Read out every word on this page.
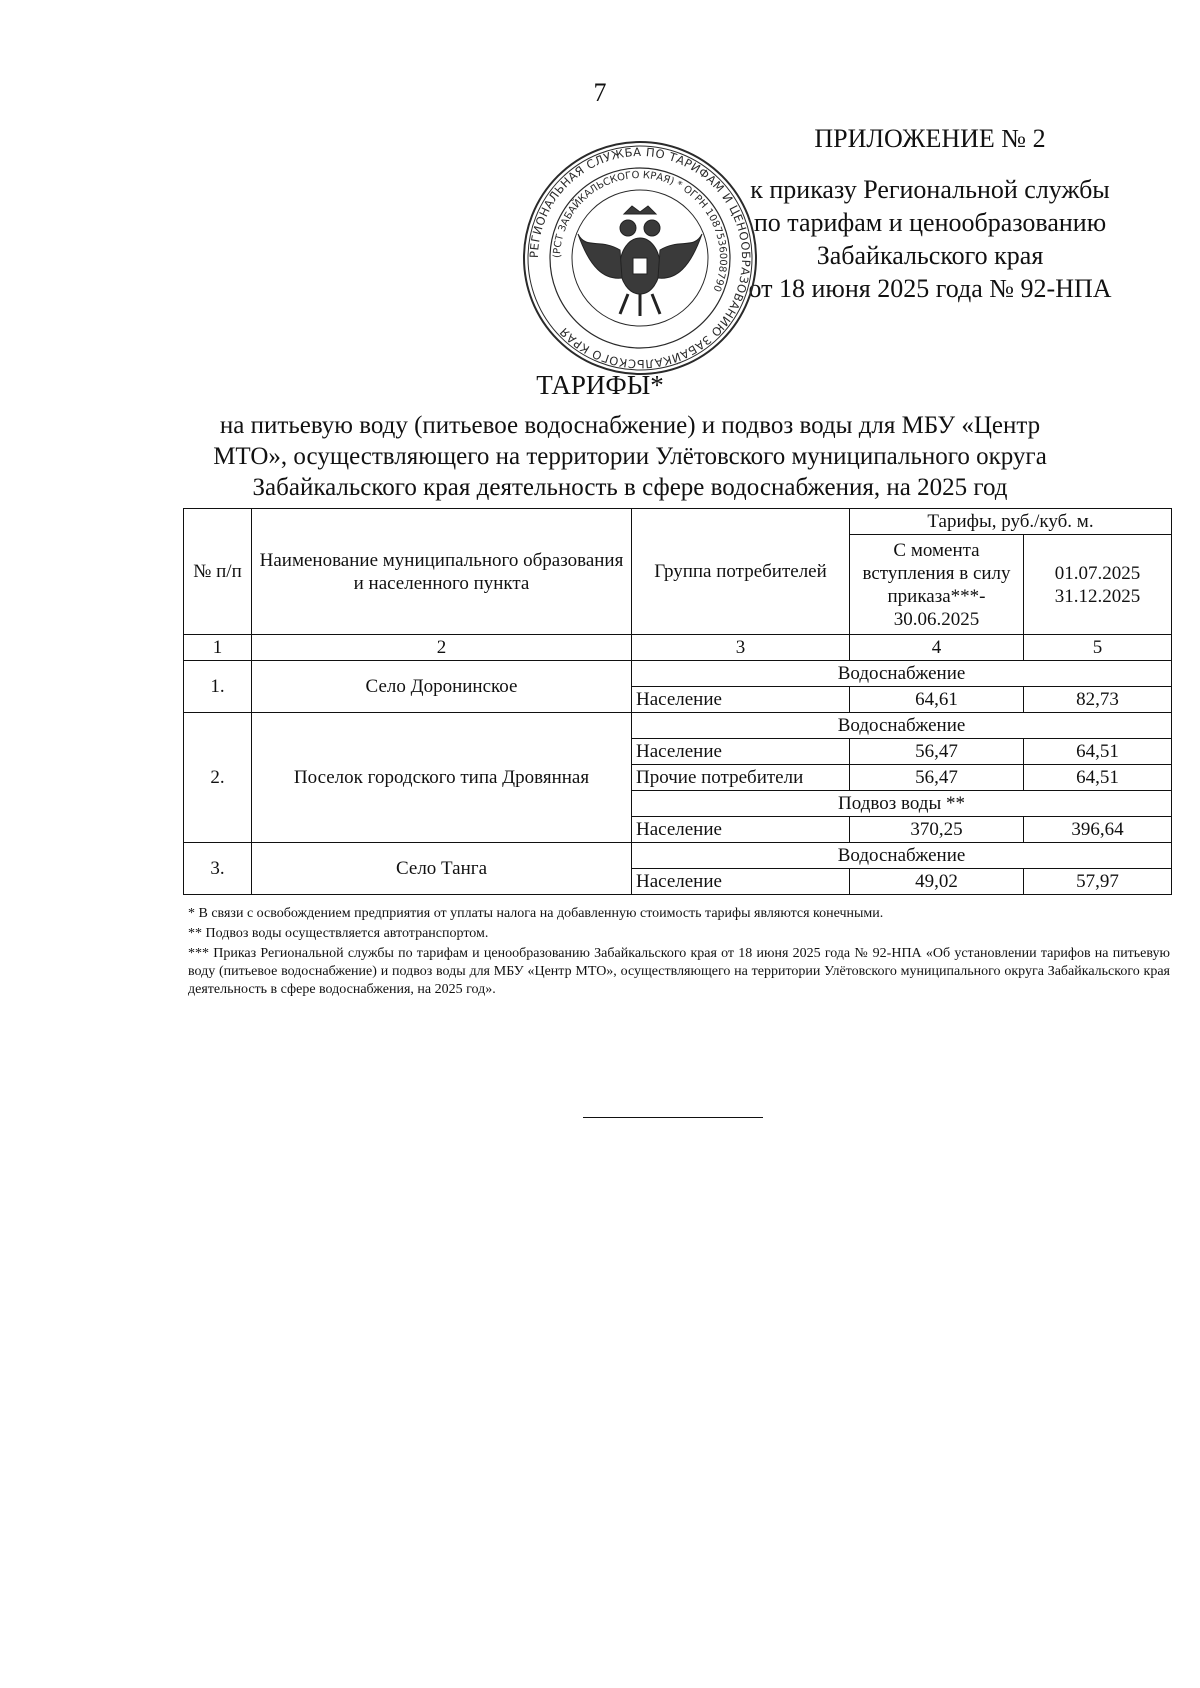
7
ПРИЛОЖЕНИЕ № 2
к приказу Региональной службы
по тарифам и ценообразованию
Забайкальского края
от 18 июня 2025 года № 92-НПА
РЕГИОНАЛЬНАЯ СЛУЖБА ПО ТАРИФАМ И ЦЕНООБРАЗОВАНИЮ ЗАБАЙКАЛЬСКОГО КРАЯ
(РСТ ЗАБАЙКАЛЬСКОГО КРАЯ) * ОГРН 1087536008790
ТАРИФЫ*
на питьевую воду (питьевое водоснабжение) и подвоз воды для МБУ «Центр МТО», осуществляющего на территории Улётовского муниципального округа Забайкальского края деятельность в сфере водоснабжения, на 2025 год
№ п/п	Наименование муниципального образования и населенного пункта	Группа потребителей	Тарифы, руб./куб. м.	
			С момента вступления в силу приказа***- 30.06.2025	01.07.2025 31.12.2025
1	2	3	4	5
1.	Село Доронинское	Водоснабжение		
		Население	64,61	82,73
2.	Поселок городского типа Дровянная	Водоснабжение		
		Население	56,47	64,51
		Прочие потребители	56,47	64,51
		Подвоз воды **		
		Население	370,25	396,64
3.	Село Танга	Водоснабжение		
		Население	49,02	57,97

* В связи с освобождением предприятия от уплаты налога на добавленную стоимость тарифы являются конечными.

** Подвоз воды осуществляется автотранспортом.

*** Приказ Региональной службы по тарифам и ценообразованию Забайкальского края от 18 июня 2025 года № 92-НПА «Об установлении тарифов на питьевую воду (питьевое водоснабжение) и подвоз воды для МБУ «Центр МТО», осуществляющего на территории Улётовского муниципального округа Забайкальского края деятельность в сфере водоснабжения, на 2025 год».
